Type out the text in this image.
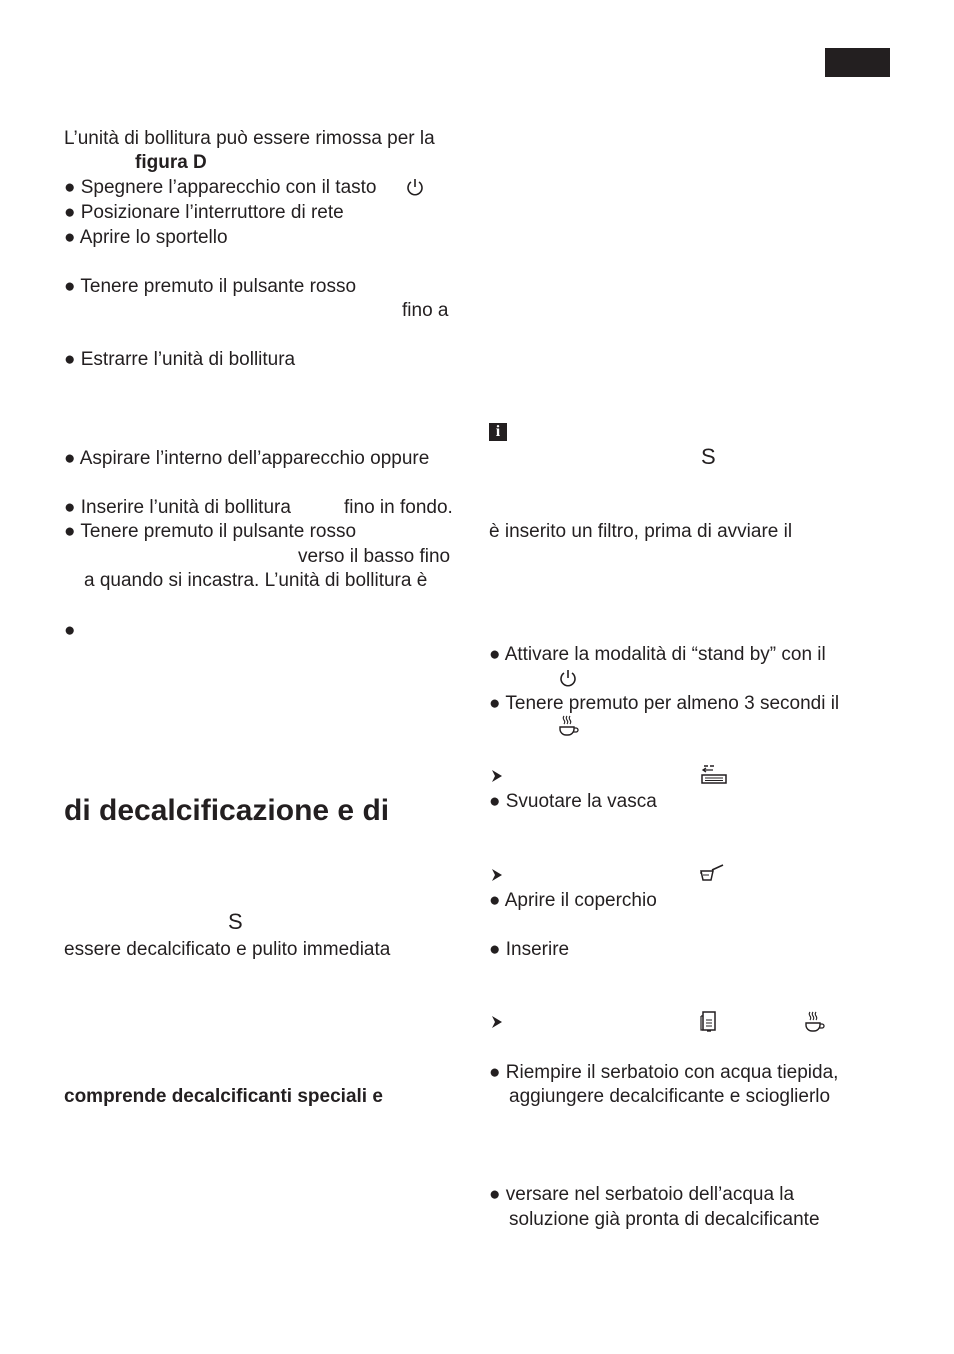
L’unità di bollitura può essere rimossa per la
figura D
● Spegnere l’apparecchio con il tasto
● Posizionare l’interruttore di rete
● Aprire lo sportello
● Tenere premuto il pulsante rosso
fino a
● Estrarre l’unità di bollitura
● Aspirare l’interno dell’apparecchio oppure
● Inserire l’unità di bollitura	fino in fondo.
● Tenere premuto il pulsante rosso
verso il basso fino
a quando si incastra. L’unità di bollitura è
●
di decalcificazione e di
S
essere decalcificato e pulito immediata
comprende decalcificanti speciali e
i
S
è inserito un filtro, prima di avviare il
● Attivare la modalità di “stand by” con il
● Tenere premuto per almeno 3 secondi il
● Svuotare la vasca
● Aprire il coperchio
● Inserire
● Riempire il serbatoio con acqua tiepida,
aggiungere decalcificante e scioglierlo
● versare nel serbatoio dell’acqua la
soluzione già pronta di decalcificante
